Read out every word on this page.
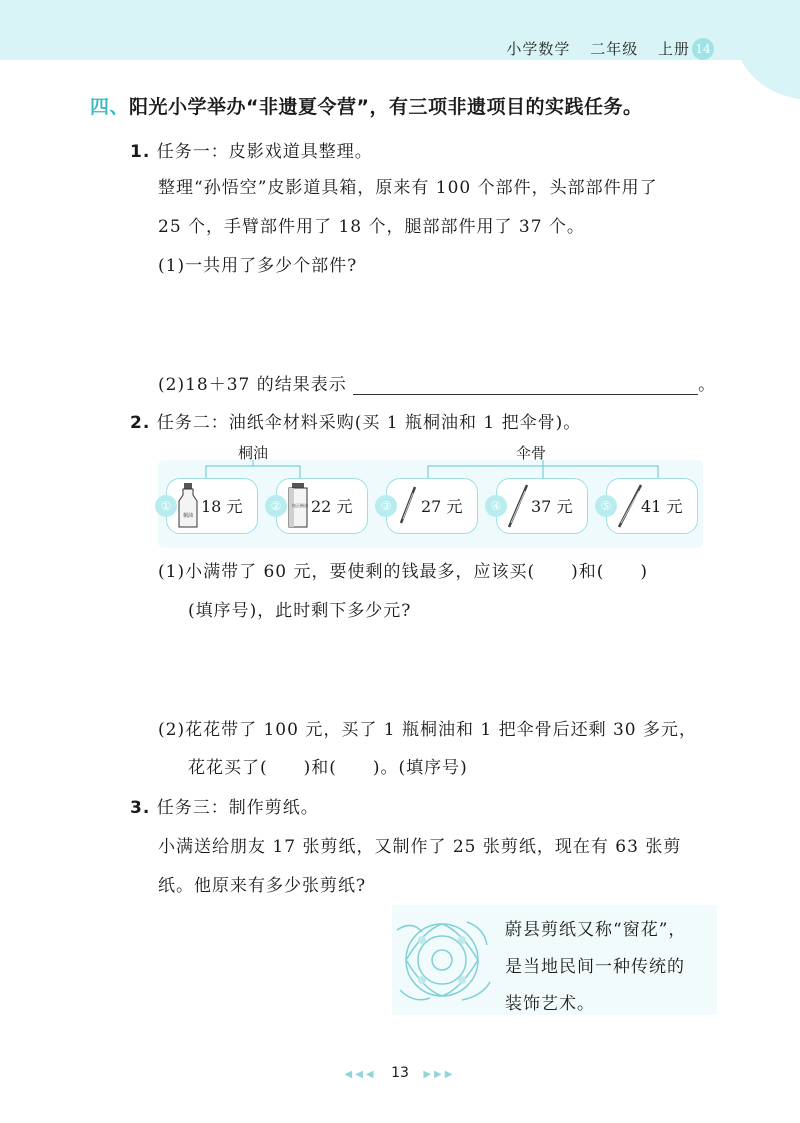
小学数学 二年级 上册 14
四、阳光小学举办“非遗夏令营”，有三项非遗项目的实践任务。
1. 任务一：皮影戏道具整理。
整理“孙悟空”皮影道具箱，原来有 100 个部件，头部部件用了
25 个，手臂部件用了 18 个，腿部部件用了 37 个。
(1)一共用了多少个部件?
(2)18＋37 的结果表示	。
2. 任务二：油纸伞材料采购(买 1 瓶桐油和 1 把伞骨)。
桐油	伞骨
①
桐油 18 元	②	纯正桐油 22 元	③	27 元	④	37 元	⑤	41 元
(1)小满带了 60 元，要使剩的钱最多，应该买(　　)和(　　)
(填序号)，此时剩下多少元?
(2)花花带了 100 元，买了 1 瓶桐油和 1 把伞骨后还剩 30 多元，
花花买了(　　)和(　　)。(填序号)
3. 任务三：制作剪纸。
小满送给朋友 17 张剪纸，又制作了 25 张剪纸，现在有 63 张剪
纸。他原来有多少张剪纸?
蔚县剪纸又称“窗花”，
是当地民间一种传统的
装饰艺术。
◀◀◀ 13 ▶▶▶
